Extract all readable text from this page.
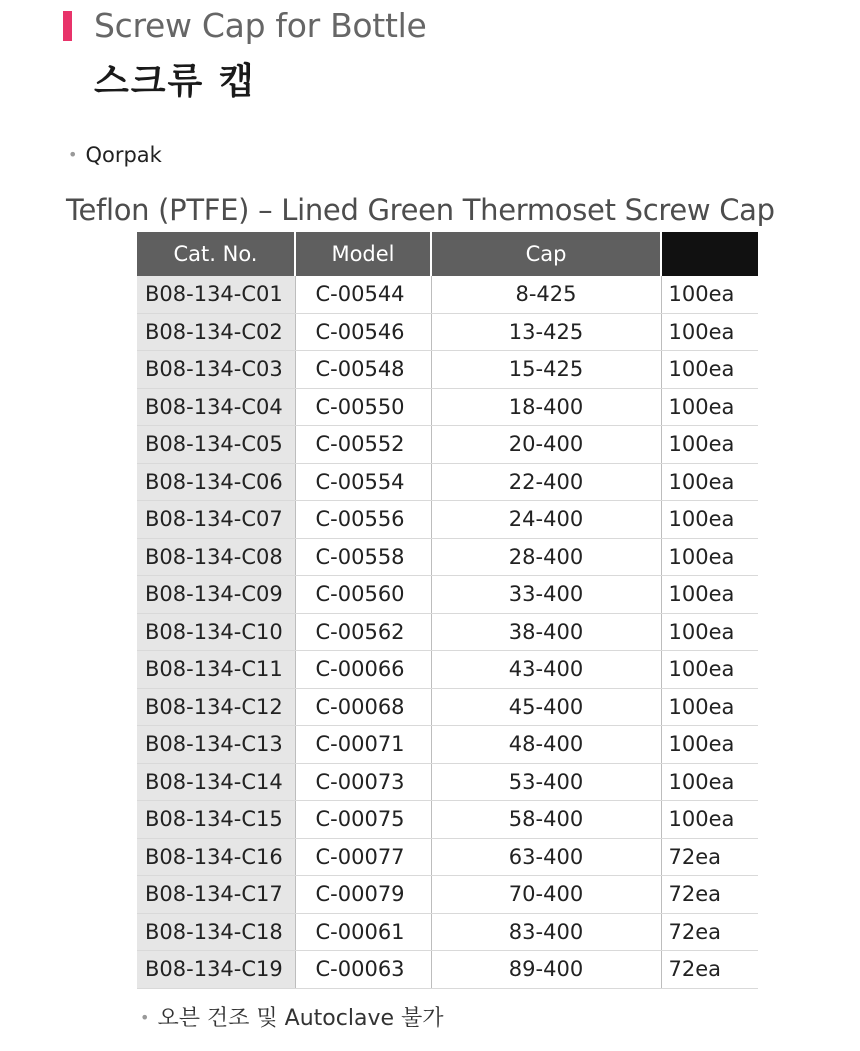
Screw Cap for Bottle
스크류 캡
• Qorpak
Teflon (PTFE) – Lined Green Thermoset Screw Cap
Cat. No.	Model	Cap	
B08-134-C01	C-00544	8-425	100ea
B08-134-C02	C-00546	13-425	100ea
B08-134-C03	C-00548	15-425	100ea
B08-134-C04	C-00550	18-400	100ea
B08-134-C05	C-00552	20-400	100ea
B08-134-C06	C-00554	22-400	100ea
B08-134-C07	C-00556	24-400	100ea
B08-134-C08	C-00558	28-400	100ea
B08-134-C09	C-00560	33-400	100ea
B08-134-C10	C-00562	38-400	100ea
B08-134-C11	C-00066	43-400	100ea
B08-134-C12	C-00068	45-400	100ea
B08-134-C13	C-00071	48-400	100ea
B08-134-C14	C-00073	53-400	100ea
B08-134-C15	C-00075	58-400	100ea
B08-134-C16	C-00077	63-400	72ea
B08-134-C17	C-00079	70-400	72ea
B08-134-C18	C-00061	83-400	72ea
B08-134-C19	C-00063	89-400	72ea
• 오븐 건조 및 Autoclave 불가
